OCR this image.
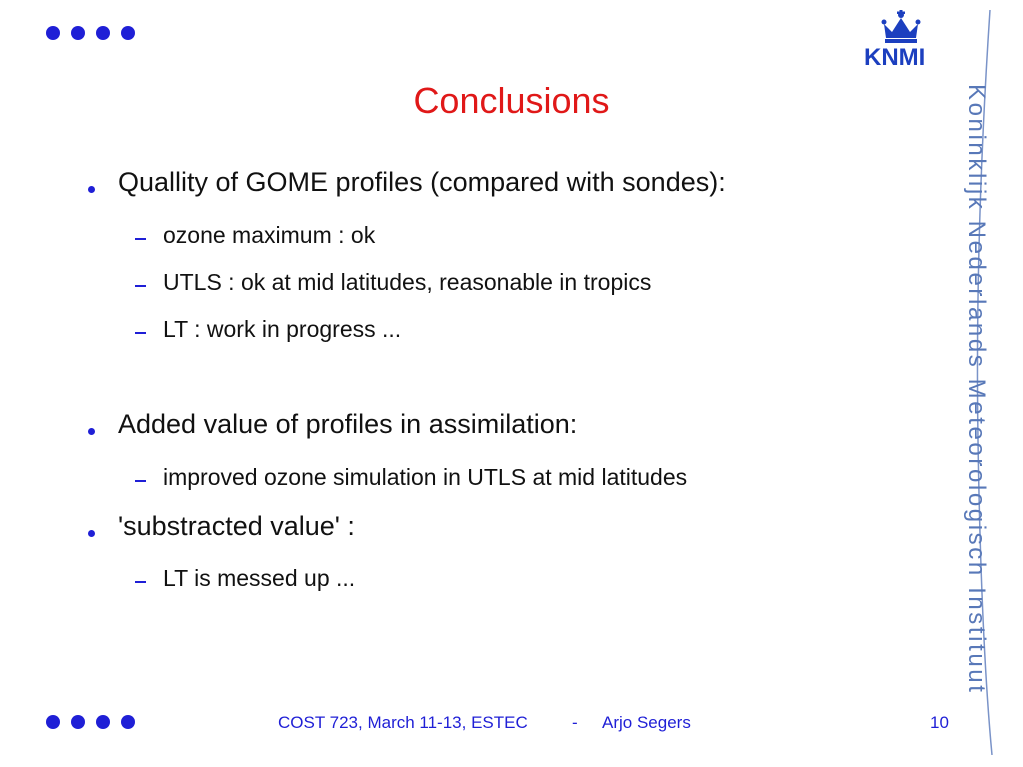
KNMI
Conclusions
Quallity of GOME profiles (compared with sondes):
ozone maximum : ok
UTLS : ok at mid latitudes, reasonable in tropics
LT : work in progress ...
Added value of profiles in assimilation:
improved ozone simulation in UTLS at mid latitudes
'substracted value' :
LT is messed up ...	Koninklijk Nederlands Meteorologisch Instituut
COST 723, March 11-13, ESTEC	- Arjo Segers	10
